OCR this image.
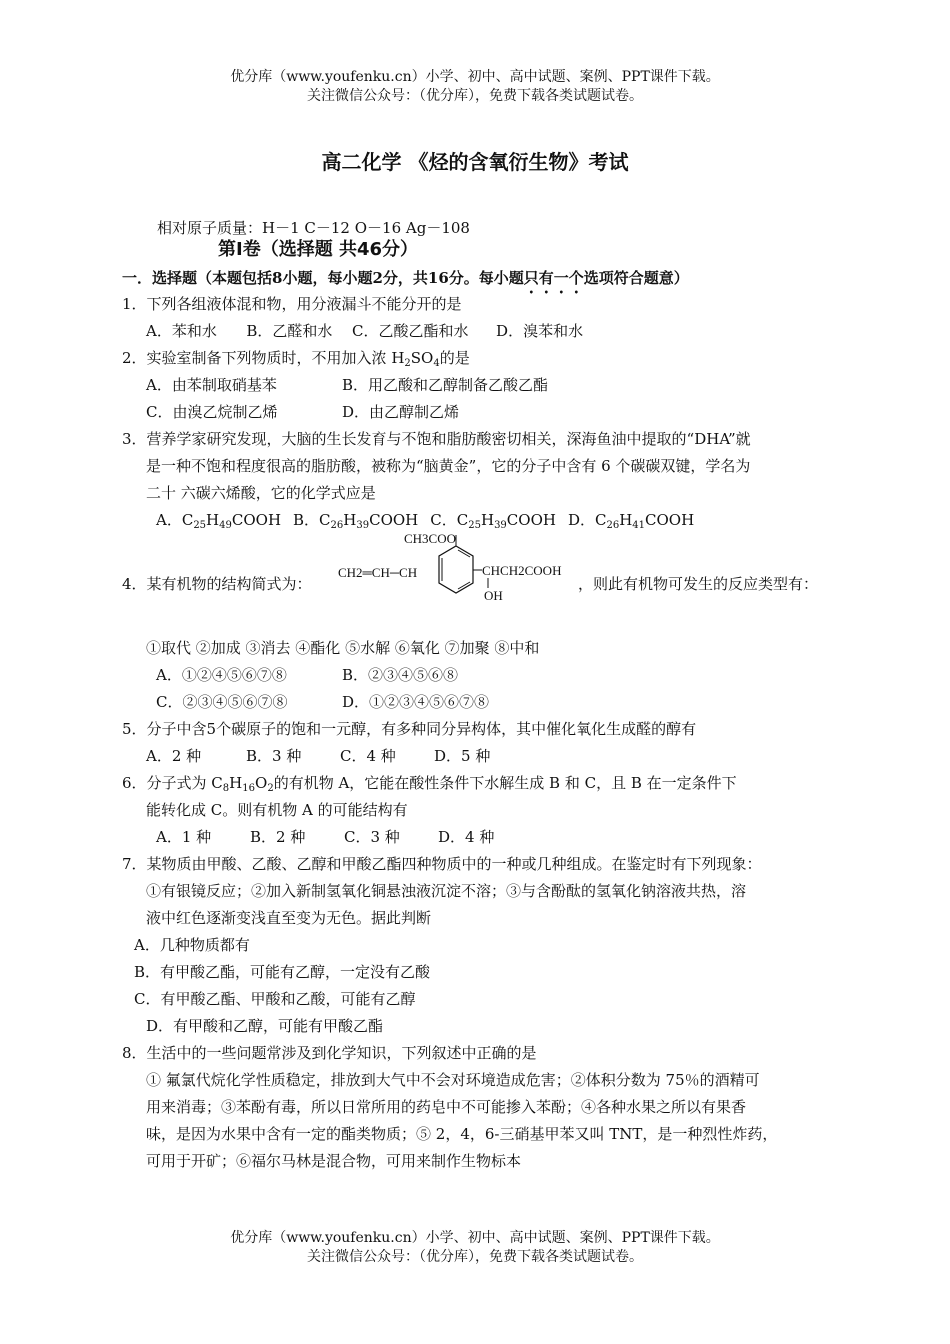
优分库（www.youfenku.cn）小学、初中、高中试题、案例、PPT课件下载。
关注微信公众号：（优分库），免费下载各类试题试卷。
高二化学 《烃的含氧衍生物》考试
相对原子质量：H－1 C－12 O－16 Ag－108
第Ⅰ卷（选择题 共46分）
一．选择题（本题包括8小题，每小题2分，共16分。每小题只有一个选项符合题意）
1．下列各组液体混和物，用分液漏斗不能分开的是
A．苯和水 B．乙醛和水 C．乙酸乙酯和水 D．溴苯和水
2．实验室制备下列物质时，不用加入浓 $H_2SO_4$的是
A．由苯制取硝基苯	B．用乙酸和乙醇制备乙酸乙酯
C．由溴乙烷制乙烯	D．由乙醇制乙烯
3．营养学家研究发现，大脑的生长发育与不饱和脂肪酸密切相关，深海鱼油中提取的“DHA”就
是一种不饱和程度很高的脂肪酸，被称为“脑黄金”，它的分子中含有 6 个碳碳双键，学名为
二十 六碳六烯酸，它的化学式应是
A．$C_{25}H_{49}COOH$ B．$C_{26}H_{39}COOH$ C．$C_{25}H_{39}COOH$ D．$C_{26}H_{41}COOH$
4．某有机物的结构简式为：
CH3COO
CH2═CH─CH	CHCH2COOH
OH
，则此有机物可发生的反应类型有：
①取代 ②加成 ③消去 ④酯化 ⑤水解 ⑥氧化 ⑦加聚 ⑧中和
A．①②④⑤⑥⑦⑧	B．②③④⑤⑥⑧
C．②③④⑤⑥⑦⑧	D．①②③④⑤⑥⑦⑧
5．分子中含5个碳原子的饱和一元醇，有多种同分异构体，其中催化氧化生成醛的醇有
A．2 种	B．3 种	C．4 种	D．5 种
6．分子式为 $C_8H_{16}O_2$的有机物 A，它能在酸性条件下水解生成 B 和 C，且 B 在一定条件下
能转化成 C。则有机物 A 的可能结构有
A．1 种	B．2 种	C．3 种	D．4 种
7．某物质由甲酸、乙酸、乙醇和甲酸乙酯四种物质中的一种或几种组成。在鉴定时有下列现象：
①有银镜反应；②加入新制氢氧化铜悬浊液沉淀不溶；③与含酚酞的氢氧化钠溶液共热，溶
液中红色逐渐变浅直至变为无色。据此判断
A．几种物质都有
B．有甲酸乙酯，可能有乙醇，一定没有乙酸
C．有甲酸乙酯、甲酸和乙酸，可能有乙醇
D．有甲酸和乙醇，可能有甲酸乙酯
8．生活中的一些问题常涉及到化学知识，下列叙述中正确的是
① 氟氯代烷化学性质稳定，排放到大气中不会对环境造成危害；②体积分数为 75％的酒精可
用来消毒；③苯酚有毒，所以日常所用的药皂中不可能掺入苯酚；④各种水果之所以有果香
味，是因为水果中含有一定的酯类物质；⑤ 2，4，6-三硝基甲苯又叫 TNT，是一种烈性炸药，
可用于开矿；⑥福尔马林是混合物，可用来制作生物标本
优分库（www.youfenku.cn）小学、初中、高中试题、案例、PPT课件下载。
关注微信公众号：（优分库），免费下载各类试题试卷。
